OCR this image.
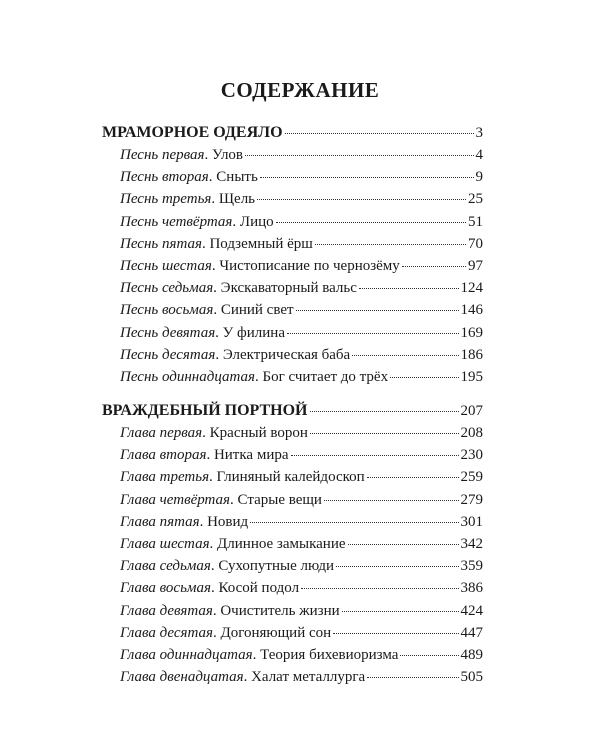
СОДЕРЖАНИЕ
МРАМОРНОЕ ОДЕЯЛО	3
Песнь первая. Улов	4
Песнь вторая. Сныть	9
Песнь третья. Щель	25
Песнь четвёртая. Лицо	51
Песнь пятая. Подземный ёрш	70
Песнь шестая. Чистописание по чернозёму	97
Песнь седьмая. Экскаваторный вальс	124
Песнь восьмая. Синий свет	146
Песнь девятая. У филина	169
Песнь десятая. Электрическая баба	186
Песнь одиннадцатая. Бог считает до трёх	195
ВРАЖДЕБНЫЙ ПОРТНОЙ	207
Глава первая. Красный ворон	208
Глава вторая. Нитка мира	230
Глава третья. Глиняный калейдоскоп	259
Глава четвёртая. Старые вещи	279
Глава пятая. Новид	301
Глава шестая. Длинное замыкание	342
Глава седьмая. Сухопутные люди	359
Глава восьмая. Косой подол	386
Глава девятая. Очиститель жизни	424
Глава десятая. Догоняющий сон	447
Глава одиннадцатая. Теория бихевиоризма	489
Глава двенадцатая. Халат металлурга	505
